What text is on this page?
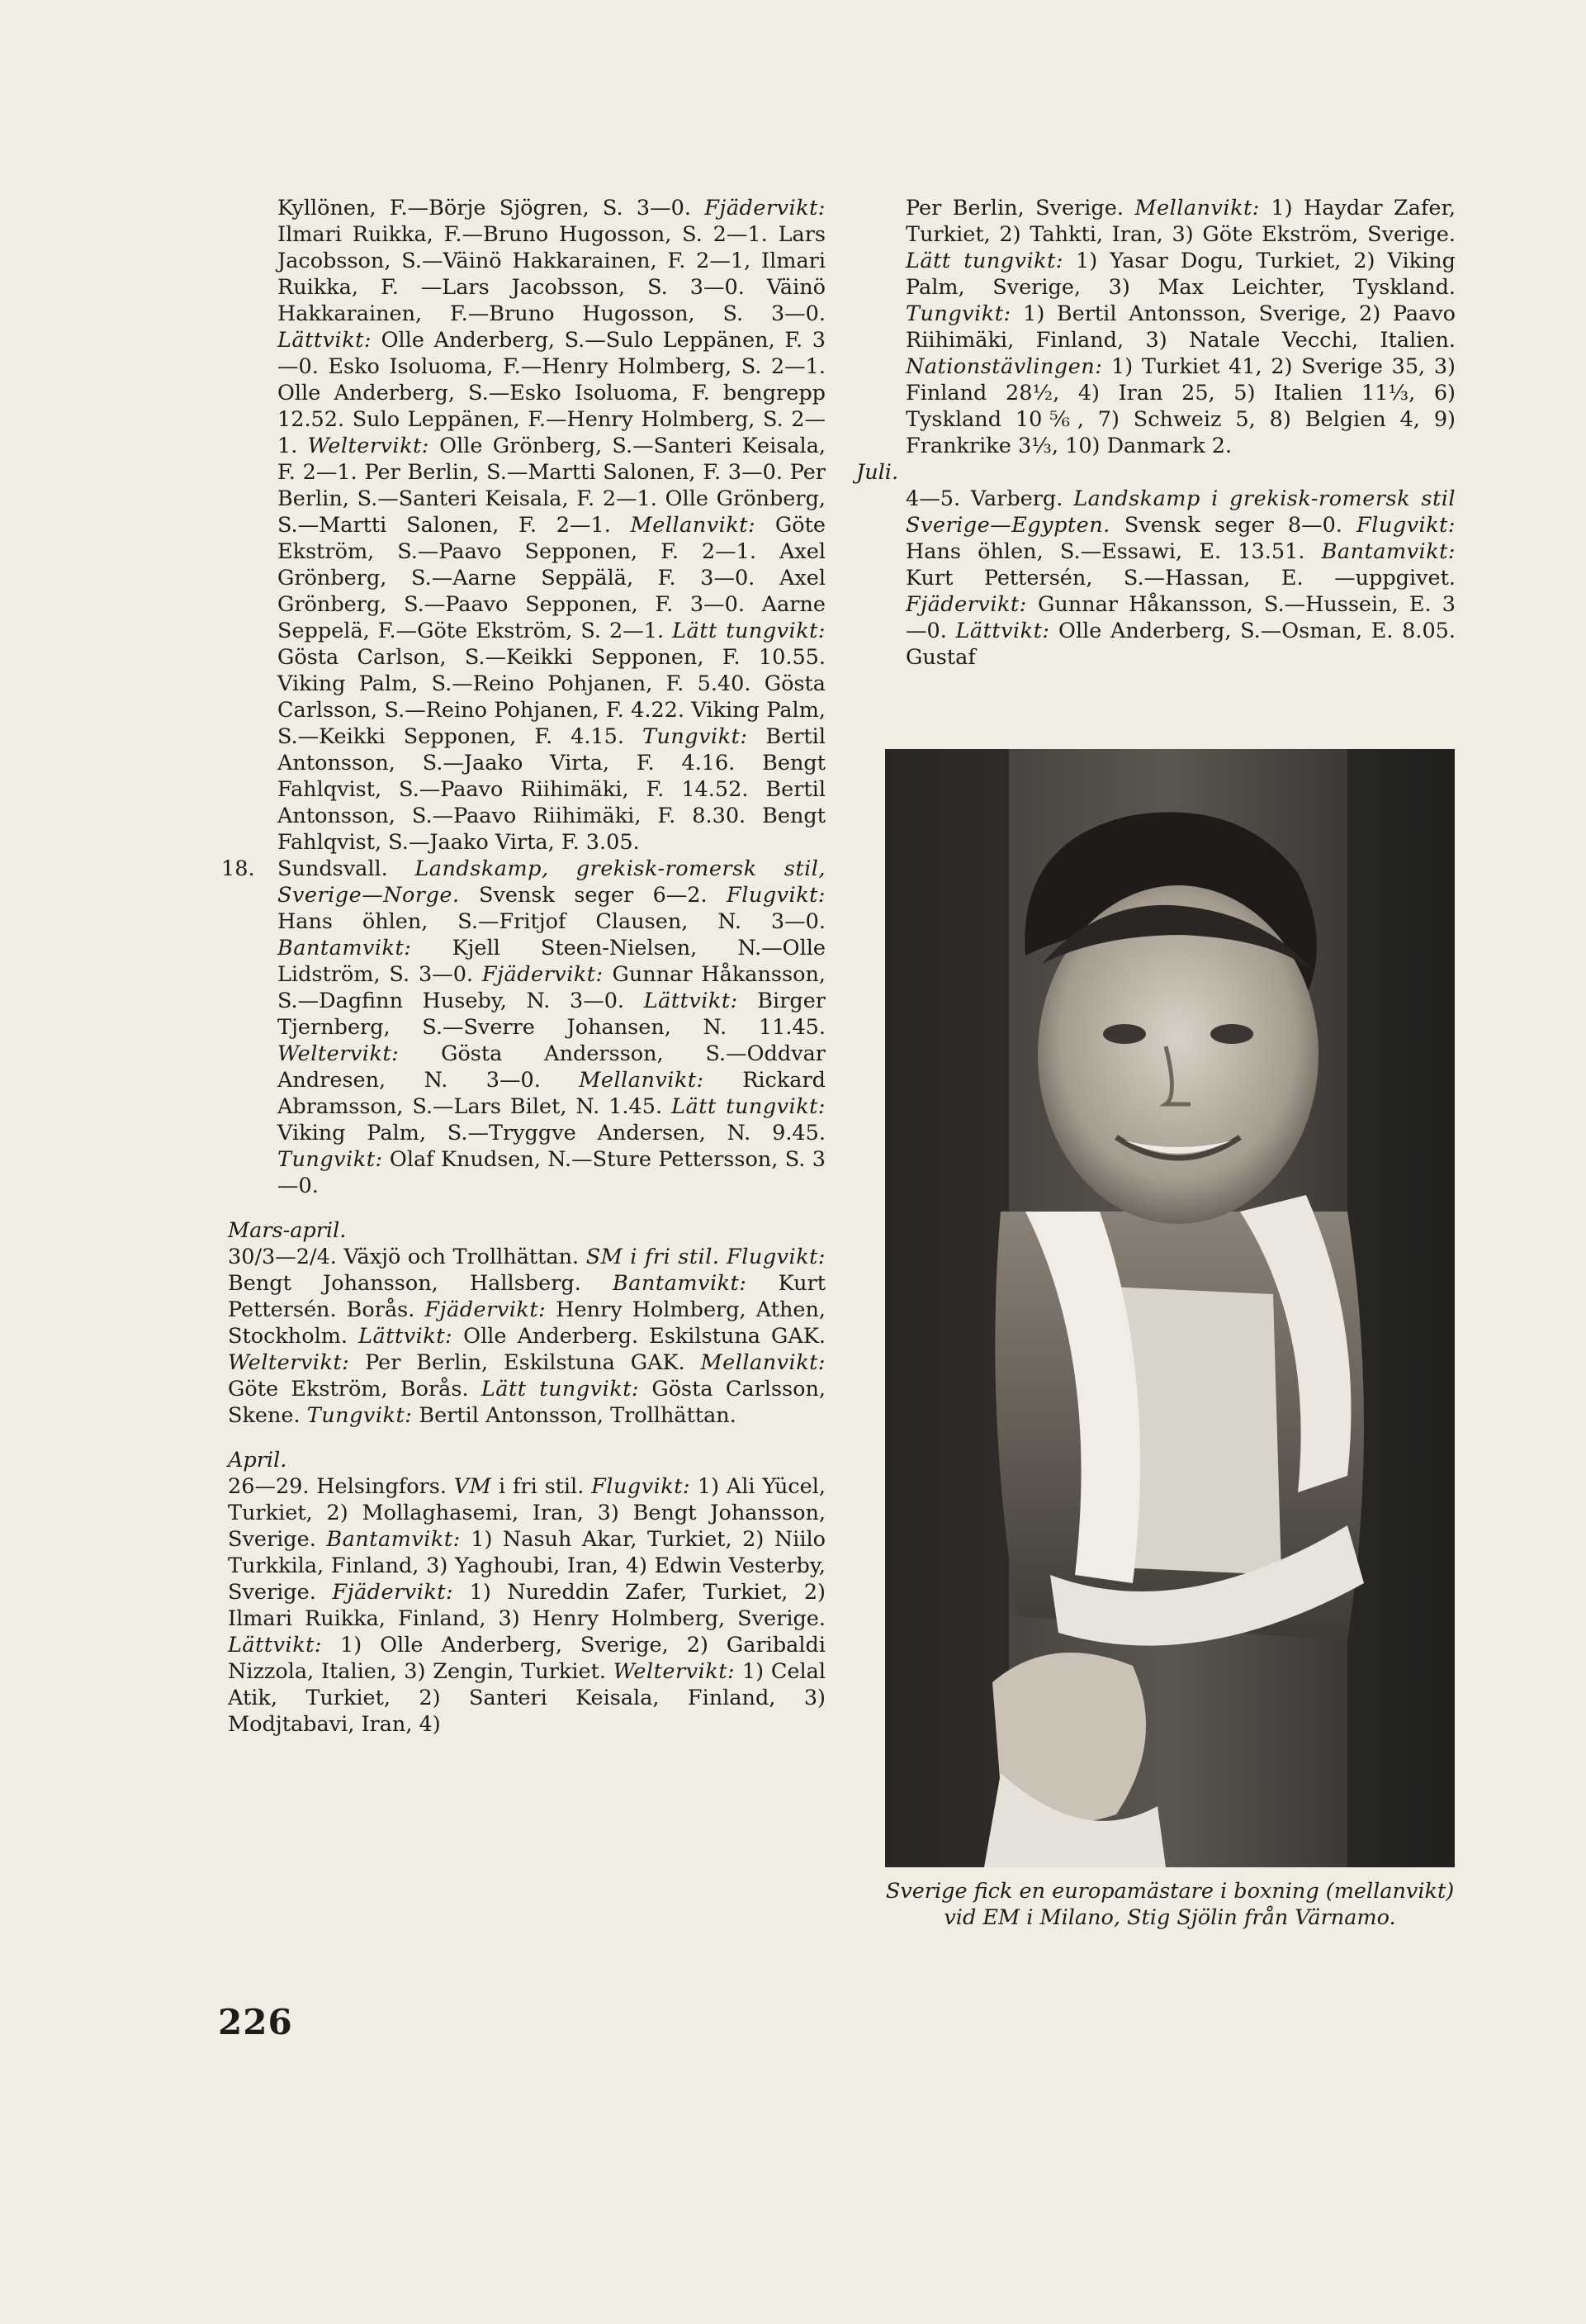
Kyllönen, F.—Börje Sjögren, S. 3—0. Fjädervikt: Ilmari Ruikka, F.—Bruno Hugosson, S. 2—1. Lars Jacobsson, S.—Väinö Hakkarainen, F. 2—1, Ilmari Ruikka, F. —Lars Jacobsson, S. 3—0. Väinö Hakkarainen, F.—Bruno Hugosson, S. 3—0. Lättvikt: Olle Anderberg, S.—Sulo Leppänen, F. 3—0. Esko Isoluoma, F.—Henry Holmberg, S. 2—1. Olle Anderberg, S.—Esko Isoluoma, F. bengrepp 12.52. Sulo Leppänen, F.—Henry Holmberg, S. 2—1. Weltervikt: Olle Grönberg, S.—Santeri Keisala, F. 2—1. Per Berlin, S.—Martti Salonen, F. 3—0. Per Berlin, S.—Santeri Keisala, F. 2—1. Olle Grönberg, S.—Martti Salonen, F. 2—1. Mellanvikt: Göte Ekström, S.—Paavo Sepponen, F. 2—1. Axel Grönberg, S.—Aarne Seppälä, F. 3—0. Axel Grönberg, S.—Paavo Sepponen, F. 3—0. Aarne Seppelä, F.—Göte Ekström, S. 2—1. Lätt tungvikt: Gösta Carlson, S.—Keikki Sepponen, F. 10.55. Viking Palm, S.—Reino Pohjanen, F. 5.40. Gösta Carlsson, S.—Reino Pohjanen, F. 4.22. Viking Palm, S.—Keikki Sepponen, F. 4.15. Tungvikt: Bertil Antonsson, S.—Jaako Virta, F. 4.16. Bengt Fahlqvist, S.—Paavo Riihimäki, F. 14.52. Bertil Antonsson, S.—Paavo Riihimäki, F. 8.30. Bengt Fahlqvist, S.—Jaako Virta, F. 3.05.

18. Sundsvall. Landskamp, grekisk-romersk stil, Sverige—Norge. Svensk seger 6—2. Flugvikt: Hans öhlen, S.—Fritjof Clausen, N. 3—0. Bantamvikt: Kjell Steen-Nielsen, N.—Olle Lidström, S. 3—0. Fjädervikt: Gunnar Håkansson, S.—Dagfinn Huseby, N. 3—0. Lättvikt: Birger Tjernberg, S.—Sverre Johansen, N. 11.45. Weltervikt: Gösta Andersson, S.—Oddvar Andresen, N. 3—0. Mellanvikt: Rickard Abramsson, S.—Lars Bilet, N. 1.45. Lätt tungvikt: Viking Palm, S.—Tryggve Andersen, N. 9.45. Tungvikt: Olaf Knudsen, N.—Sture Pettersson, S. 3—0.

Mars-april.

30/3—2/4. Växjö och Trollhättan. SM i fri stil. Flugvikt: Bengt Johansson, Hallsberg. Bantamvikt: Kurt Pettersén. Borås. Fjädervikt: Henry Holmberg, Athen, Stockholm. Lättvikt: Olle Anderberg. Eskilstuna GAK. Weltervikt: Per Berlin, Eskilstuna GAK. Mellanvikt: Göte Ekström, Borås. Lätt tungvikt: Gösta Carlsson, Skene. Tungvikt: Bertil Antonsson, Trollhättan.

April.

26—29. Helsingfors. VM i fri stil. Flugvikt: 1) Ali Yücel, Turkiet, 2) Mollaghasemi, Iran, 3) Bengt Johansson, Sverige. Bantamvikt: 1) Nasuh Akar, Turkiet, 2) Niilo Turkkila, Finland, 3) Yaghoubi, Iran, 4) Edwin Vesterby, Sverige. Fjädervikt: 1) Nureddin Zafer, Turkiet, 2) Ilmari Ruikka, Finland, 3) Henry Holmberg, Sverige. Lättvikt: 1) Olle Anderberg, Sverige, 2) Garibaldi Nizzola, Italien, 3) Zengin, Turkiet. Weltervikt: 1) Celal Atik, Turkiet, 2) Santeri Keisala, Finland, 3) Modjtabavi, Iran, 4)

Per Berlin, Sverige. Mellanvikt: 1) Haydar Zafer, Turkiet, 2) Tahkti, Iran, 3) Göte Ekström, Sverige. Lätt tungvikt: 1) Yasar Dogu, Turkiet, 2) Viking Palm, Sverige, 3) Max Leichter, Tyskland. Tungvikt: 1) Bertil Antonsson, Sverige, 2) Paavo Riihimäki, Finland, 3) Natale Vecchi, Italien. Nationstävlingen: 1) Turkiet 41, 2) Sverige 35, 3) Finland 28½, 4) Iran 25, 5) Italien 11⅓, 6) Tyskland 10⅚, 7) Schweiz 5, 8) Belgien 4, 9) Frankrike 3⅓, 10) Danmark 2.

Juli.

4—5. Varberg. Landskamp i grekisk-romersk stil Sverige—Egypten. Svensk seger 8—0. Flugvikt: Hans öhlen, S.—Essawi, E. 13.51. Bantamvikt: Kurt Pettersén, S.—Hassan, E. —uppgivet. Fjädervikt: Gunnar Håkansson, S.—Hussein, E. 3—0. Lättvikt: Olle Anderberg, S.—Osman, E. 8.05. Gustaf

Sverige fick en europamästare i boxning (mellanvikt) vid EM i Milano, Stig Sjölin från Värnamo.
226
